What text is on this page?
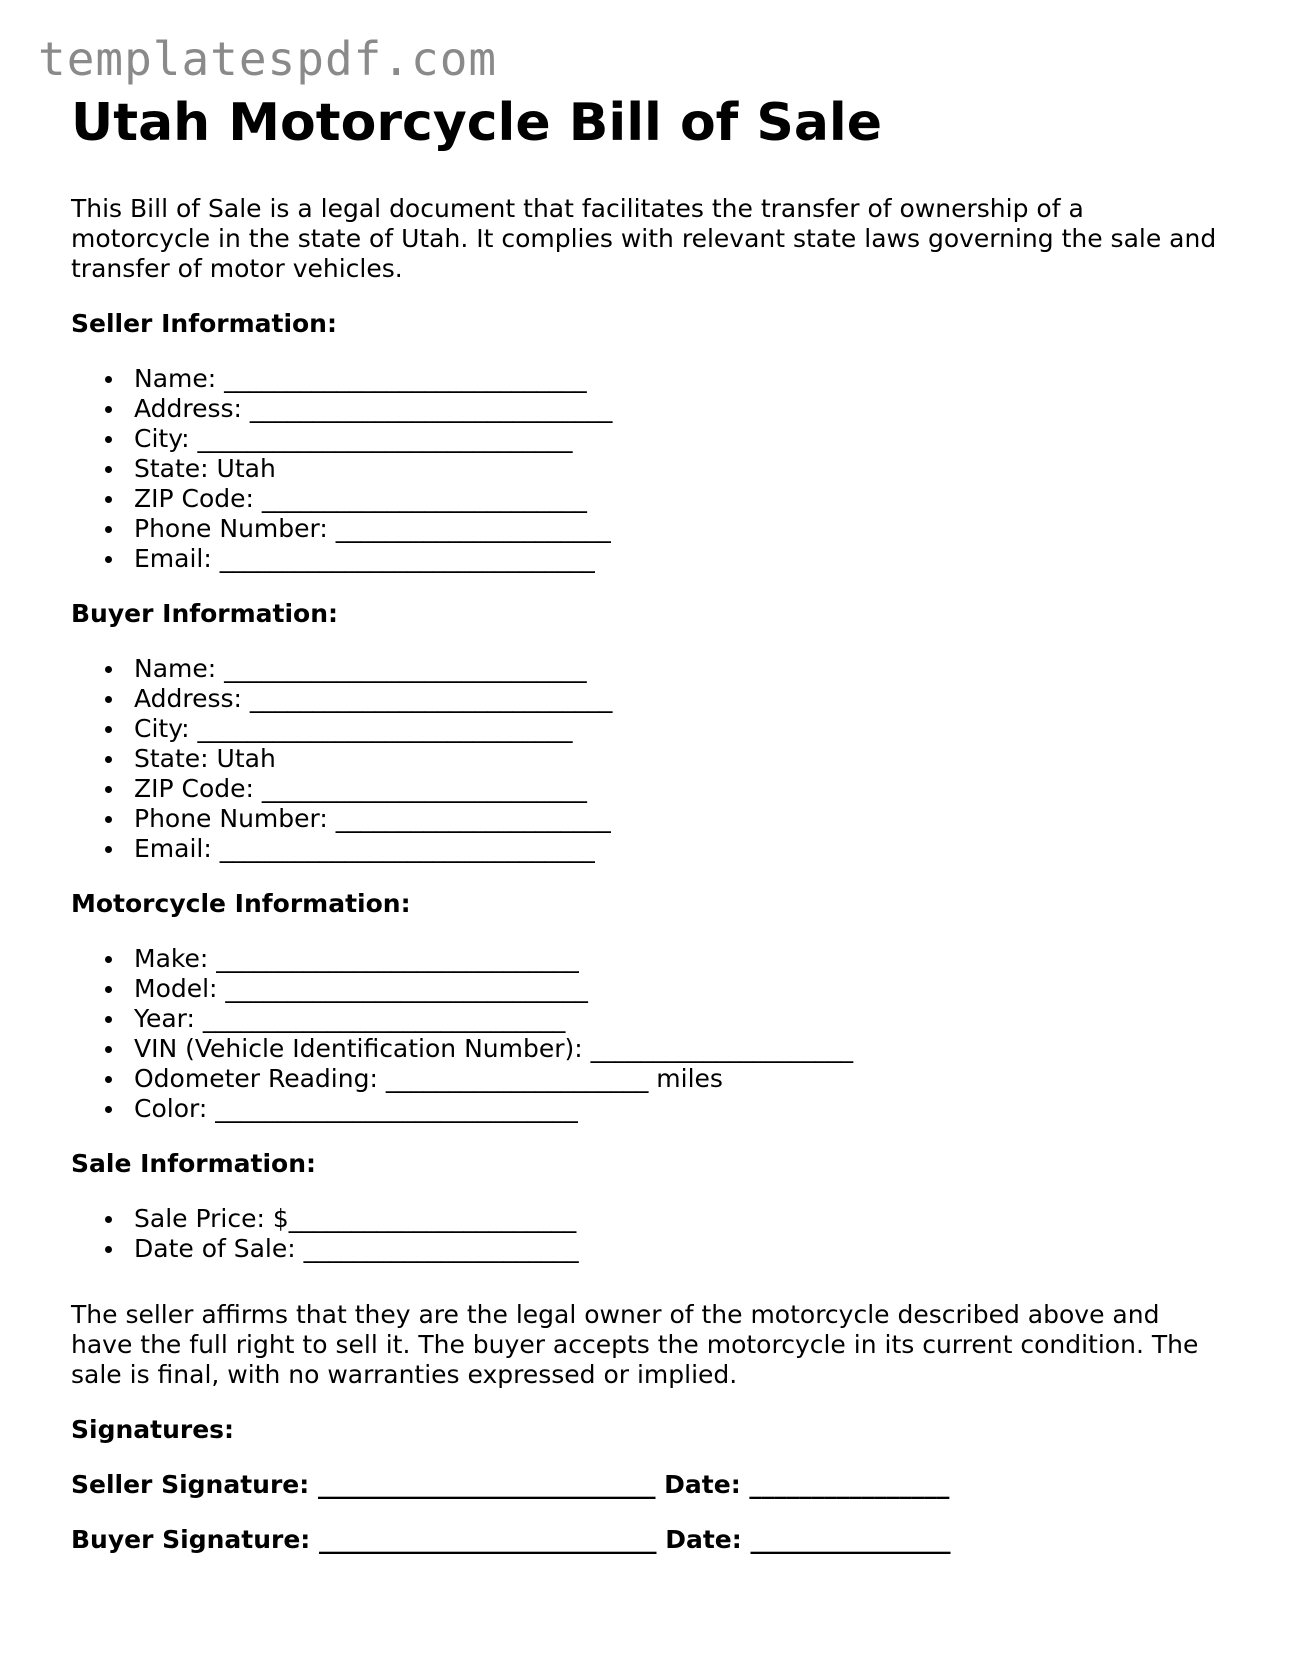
templatespdf.com
Utah Motorcycle Bill of Sale

This Bill of Sale is a legal document that facilitates the transfer of ownership of a motorcycle in the state of Utah. It complies with relevant state laws governing the sale and transfer of motor vehicles.

Seller Information:
Name: _____________________________
Address: _____________________________
City: ______________________________
State: Utah
ZIP Code: __________________________
Phone Number: ______________________
Email: ______________________________
Buyer Information:
Name: _____________________________
Address: _____________________________
City: ______________________________
State: Utah
ZIP Code: __________________________
Phone Number: ______________________
Email: ______________________________
Motorcycle Information:
Make: _____________________________
Model: _____________________________
Year: _____________________________
VIN (Vehicle Identification Number): _____________________
Odometer Reading: _____________________ miles
Color: _____________________________
Sale Information:
Sale Price: $_______________________
Date of Sale: ______________________

The seller affirms that they are the legal owner of the motorcycle described above and have the full right to sell it. The buyer accepts the motorcycle in its current condition. The sale is final, with no warranties expressed or implied.

Signatures:
Seller Signature: ___________________________ Date: ________________
Buyer Signature: ___________________________ Date: ________________
